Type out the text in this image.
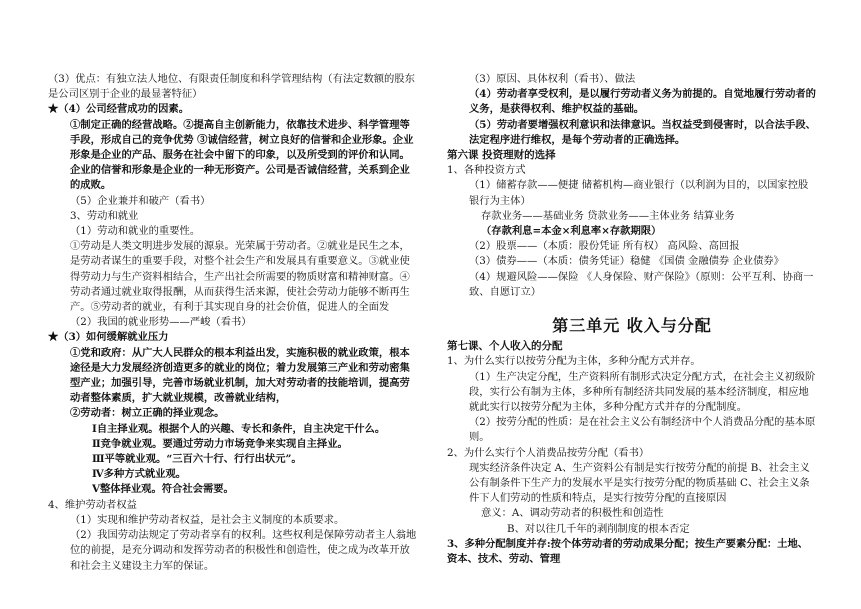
（3）优点：有独立法人地位、有限责任制度和科学管理结构（有法定数额的股东是公司区别于企业的最显著特征）
★（4）公司经营成功的因素。
①制定正确的经营战略。②提高自主创新能力，依靠技术进步、科学管理等手段，形成自己的竞争优势 ③诚信经营，树立良好的信誉和企业形象。企业形象是企业的产品、服务在社会中留下的印象，以及所受到的评价和认同。企业的信誉和形象是企业的一种无形资产。公司是否诚信经营，关系到企业的成败。
（5）企业兼并和破产（看书）
3、劳动和就业
（1）劳动和就业的重要性。
①劳动是人类文明进步发展的源泉。光荣属于劳动者。②就业是民生之本，是劳动者谋生的重要手段，对整个社会生产和发展具有重要意义。③就业使得劳动力与生产资料相结合，生产出社会所需要的物质财富和精神财富。④劳动者通过就业取得报酬，从而获得生活来源，使社会劳动力能够不断再生产。⑤劳动者的就业，有利于其实现自身的社会价值，促进人的全面发
（2）我国的就业形势——严峻（看书）
★（3）如何缓解就业压力
①党和政府：从广大人民群众的根本利益出发，实施积极的就业政策，根本途径是大力发展经济创造更多的就业的岗位；着力发展第三产业和劳动密集型产业；加强引导，完善市场就业机制，加大对劳动者的技能培训，提高劳动者整体素质，扩大就业规模，改善就业结构，
②劳动者：树立正确的择业观念。
Ⅰ自主择业观。根据个人的兴趣、专长和条件，自主决定干什么。
Ⅱ竞争就业观。要通过劳动力市场竞争来实现自主择业。
Ⅲ平等就业观。“三百六十行、行行出状元”。
Ⅳ多种方式就业观。
Ⅴ整体择业观。符合社会需要。
4、维护劳动者权益
（1）实现和维护劳动者权益，是社会主义制度的本质要求。
（2）我国劳动法规定了劳动者享有的权利。这些权利是保障劳动者主人翁地位的前提，是充分调动和发挥劳动者的积极性和创造性，使之成为改革开放和社会主义建设主力军的保证。
（3）原因、具体权利（看书）、做法
（4）劳动者享受权利，是以履行劳动者义务为前提的。自觉地履行劳动者的义务，是获得权利、维护权益的基础。
（5）劳动者要增强权利意识和法律意识。当权益受到侵害时，以合法手段、法定程序进行维权，是每个劳动者的正确选择。
第六课 投资理财的选择
1、各种投资方式
（1）储蓄存款——便捷 储蓄机构—商业银行（以利润为目的，以国家控股银行为主体）
存款业务——基础业务 贷款业务——主体业务 结算业务
（存款利息=本金×利息率×存款期限）
（2）股票——（本质：股份凭证 所有权） 高风险、高回报
（3）债券——（本质：债务凭证）稳健 《国债 金融债券 企业债券》
（4）规避风险——保险 《人身保险、财产保险》（原则：公平互利、协商一致、自愿订立）
第三单元 收入与分配
第七课、个人收入的分配
1、为什么实行以按劳分配为主体，多种分配方式并存。
（1）生产决定分配，生产资料所有制形式决定分配方式，在社会主义初级阶段，实行公有制为主体，多种所有制经济共同发展的基本经济制度，相应地就此实行以按劳分配为主体，多种分配方式并存的分配制度。
（2）按劳分配的性质：是在社会主义公有制经济中个人消费品分配的基本原则。
2、为什么实行个人消费品按劳分配（看书）
现实经济条件决定 A、生产资料公有制是实行按劳分配的前提 B、社会主义公有制条件下生产力的发展水平是实行按劳分配的物质基础 C、社会主义条件下人们劳动的性质和特点，是实行按劳分配的直接原因
意义：A、调动劳动者的积极性和创造性
B、对以往几千年的剥削制度的根本否定
3、多种分配制度并存:按个体劳动者的劳动成果分配；按生产要素分配：土地、资本、技术、劳动、管理
